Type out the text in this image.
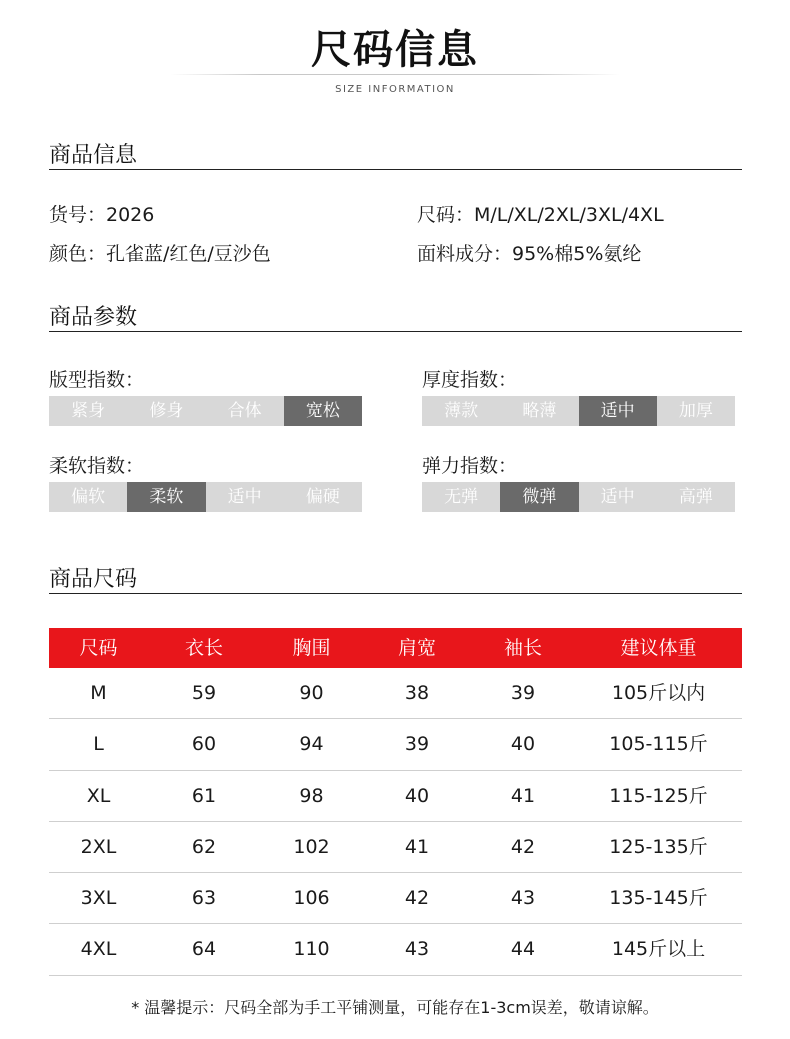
尺码信息
SIZE INFORMATION
商品信息
货号：2026	尺码：M/L/XL/2XL/3XL/4XL
颜色：孔雀蓝/红色/豆沙色	面料成分：95%棉5%氨纶
商品参数
版型指数：
紧身	修身	合体	宽松
厚度指数：
薄款	略薄	适中	加厚
柔软指数：
偏软	柔软	适中	偏硬
弹力指数：
无弹	微弹	适中	高弹
商品尺码
尺码	衣长	胸围	肩宽	袖长	建议体重
M	59	90	38	39	105斤以内
L	60	94	39	40	105-115斤
XL	61	98	40	41	115-125斤
2XL	62	102	41	42	125-135斤
3XL	63	106	42	43	135-145斤
4XL	64	110	43	44	145斤以上
* 温馨提示：尺码全部为手工平铺测量，可能存在1-3cm误差，敬请谅解。
